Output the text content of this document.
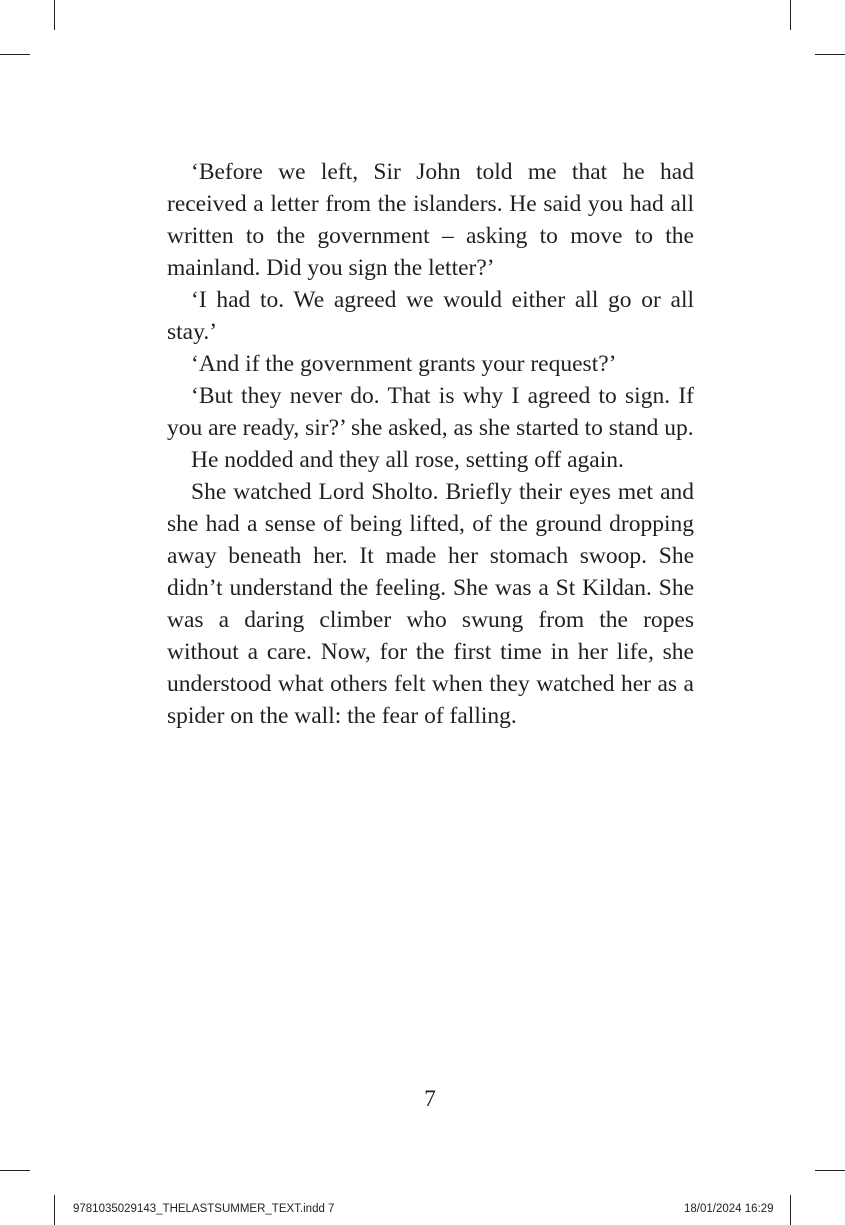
‘Before we left, Sir John told me that he had received a letter from the islanders. He said you had all written to the government – asking to move to the mainland. Did you sign the letter?’

‘I had to. We agreed we would either all go or all stay.’

‘And if the government grants your request?’

‘But they never do. That is why I agreed to sign. If you are ready, sir?’ she asked, as she started to stand up.

He nodded and they all rose, setting off again.

She watched Lord Sholto. Briefly their eyes met and she had a sense of being lifted, of the ground dropping away beneath her. It made her stomach swoop. She didn’t understand the feeling. She was a St Kildan. She was a daring climber who swung from the ropes without a care. Now, for the first time in her life, she understood what others felt when they watched her as a spider on the wall: the fear of falling.

7
9781035029143_THELASTSUMMER_TEXT.indd 7	18/01/2024 16:29
